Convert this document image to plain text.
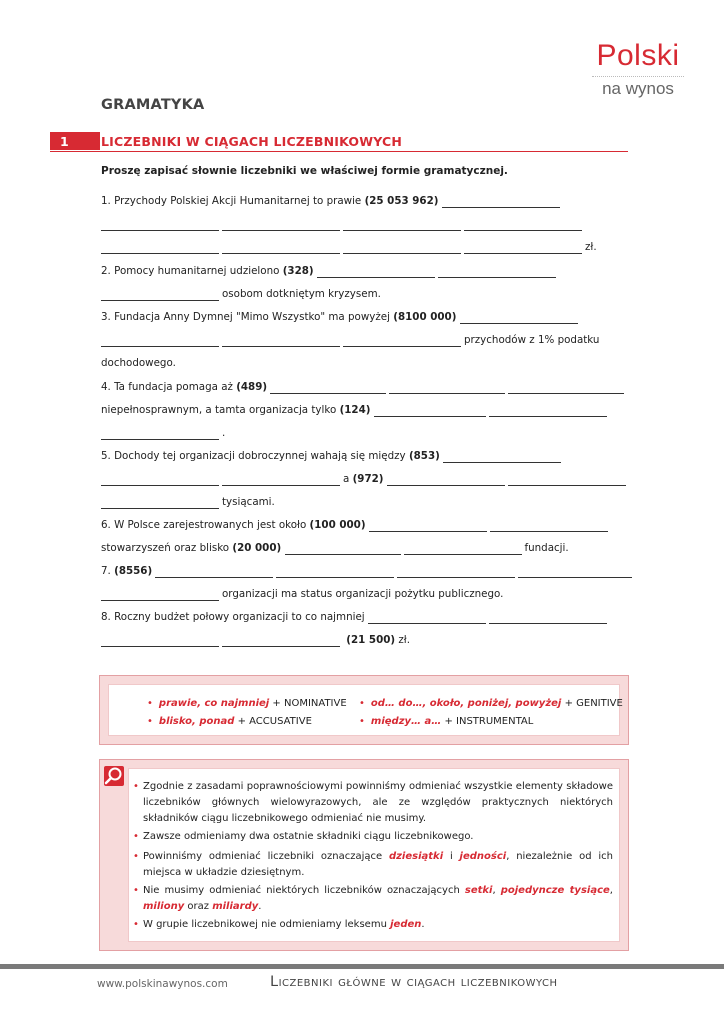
Polski
na wynos
GRAMATYKA
1	LICZEBNIKI W CIĄGACH LICZEBNIKOWYCH
Proszę zapisać słownie liczebniki we właściwej formie gramatycznej.
1. Przychody Polskiej Akcji Humanitarnej to prawie
(25 053 962)

zł.
2. Pomocy humanitarnej udzielono
(328)

osobom dotkniętym kryzysem.
3. Fundacja Anny Dymnej "Mimo Wszystko" ma powyżej
(8100 000)

przychodów z 1% podatku
dochodowego.
4. Ta fundacja pomaga aż
(489)

niepełnosprawnym, a tamta organizacja tylko
(124)

.
5. Dochody tej organizacji dobroczynnej wahają się między
(853)

a
(972)

tysiącami.
6. W Polsce zarejestrowanych jest około
(100 000)

stowarzyszeń oraz blisko
(20 000)
	fundacji.
7.
(8556)

organizacji ma status organizacji pożytku publicznego.
8. Roczny budżet połowy organizacji to co najmniej

(21 500)
zł.
• prawie, co najmniej + NOMINATIVE
• blisko, ponad + ACCUSATIVE
• od… do…, około, poniżej, powyżej + GENITIVE
• między… a… + INSTRUMENTAL
• Zgodnie z zasadami poprawnościowymi powinniśmy odmieniać wszystkie elementy składowe liczebników głównych wielowyrazowych, ale ze względów praktycznych niektórych składników ciągu liczebnikowego odmieniać nie musimy.
• Zawsze odmieniamy dwa ostatnie składniki ciągu liczebnikowego.
• Powinniśmy odmieniać liczebniki oznaczające dziesiątki i jedności, niezależnie od ich miejsca w układzie dziesiętnym.
• Nie musimy odmieniać niektórych liczebników oznaczających setki, pojedyncze tysiące, miliony oraz miliardy.
• W grupie liczebnikowej nie odmieniamy leksemu jeden.
www.polskinawynos.com	Liczebniki główne w ciągach liczebnikowych
